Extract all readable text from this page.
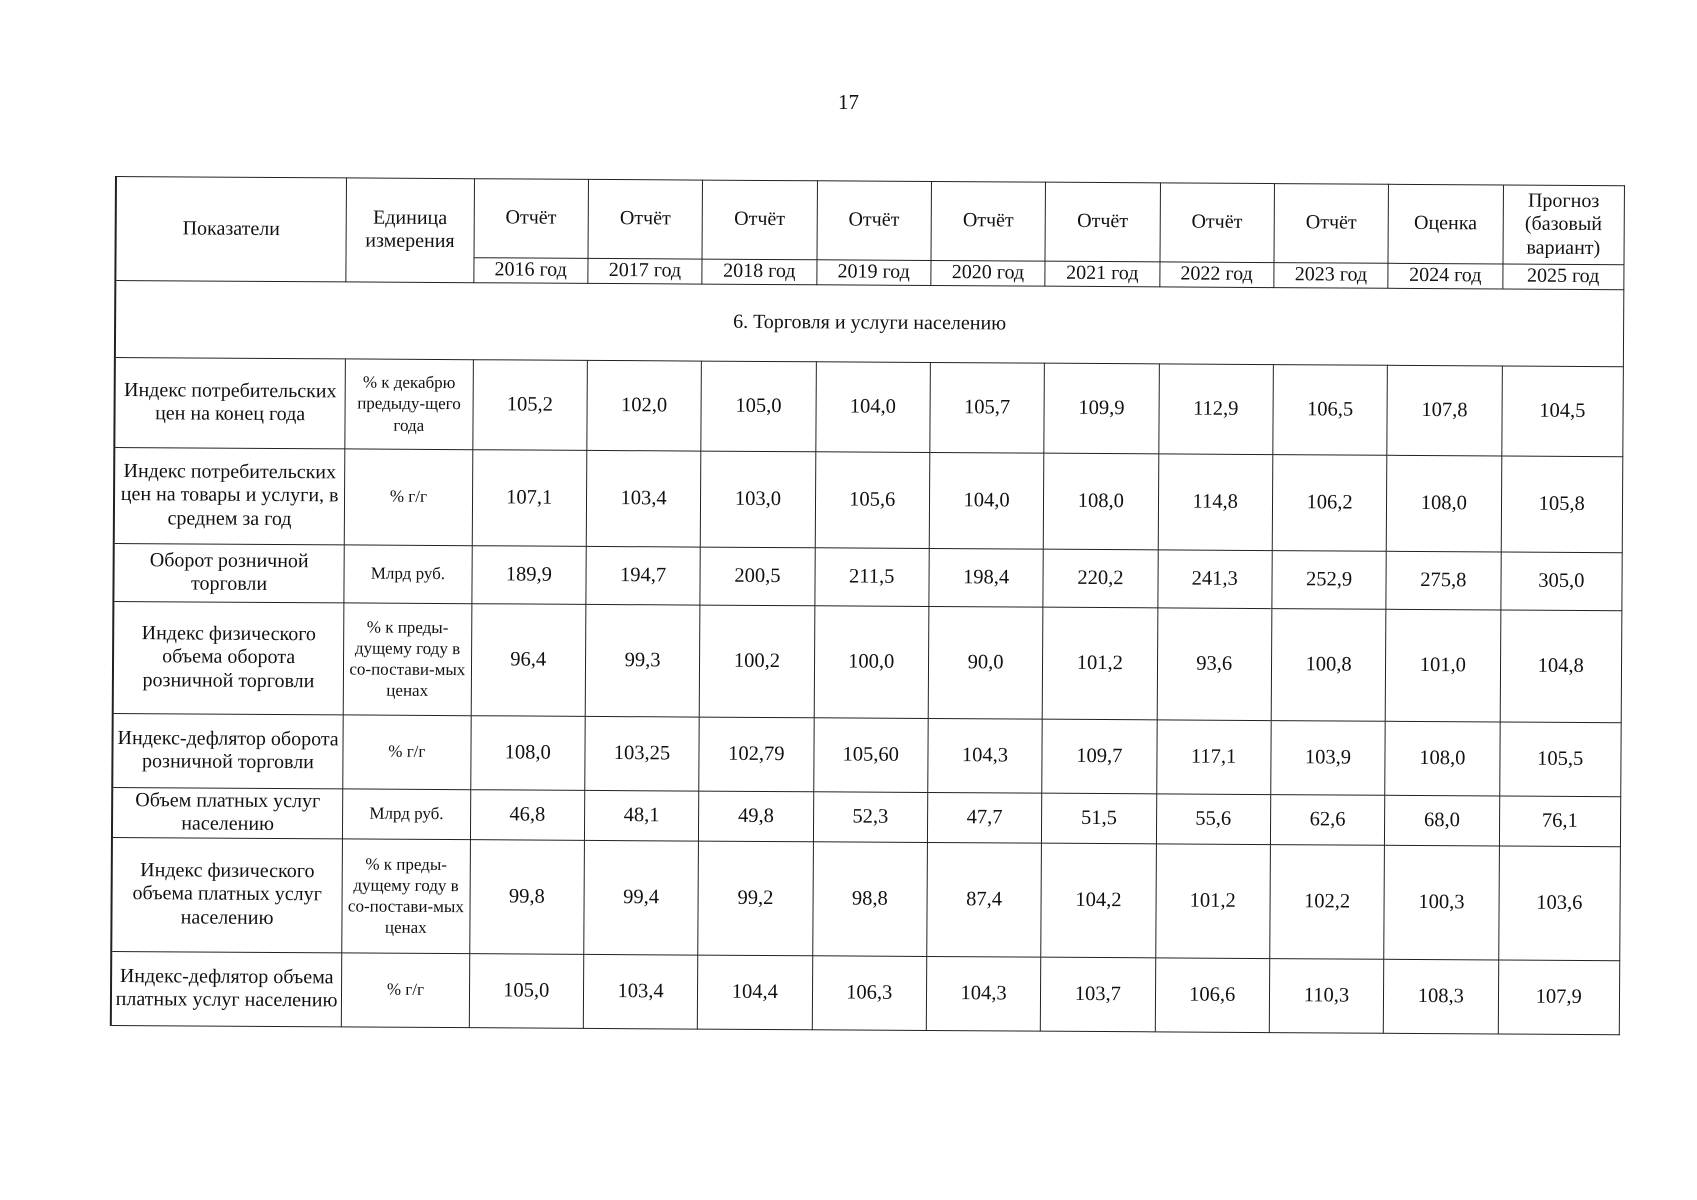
17
Показатели	Единица измерения	Отчёт	Отчёт	Отчёт	Отчёт	Отчёт	Отчёт	Отчёт	Отчёт	Оценка	Прогноз (базовый вариант)
		2016 год	2017 год	2018 год	2019 год	2020 год	2021 год	2022 год	2023 год	2024 год	2025 год
6. Торговля и услуги населению											
Индекс потребительских цен на конец года	% к декабрю предыду-щего года	105,2	102,0	105,0	104,0	105,7	109,9	112,9	106,5	107,8	104,5
Индекс потребительских цен на товары и услуги, в среднем за год	% г/г	107,1	103,4	103,0	105,6	104,0	108,0	114,8	106,2	108,0	105,8
Оборот розничной торговли	Млрд руб.	189,9	194,7	200,5	211,5	198,4	220,2	241,3	252,9	275,8	305,0
Индекс физического объема оборота розничной торговли	% к преды-дущему году в со-постави-мых ценах	96,4	99,3	100,2	100,0	90,0	101,2	93,6	100,8	101,0	104,8
Индекс-дефлятор оборота розничной торговли	% г/г	108,0	103,25	102,79	105,60	104,3	109,7	117,1	103,9	108,0	105,5
Объем платных услуг населению	Млрд руб.	46,8	48,1	49,8	52,3	47,7	51,5	55,6	62,6	68,0	76,1
Индекс физического объема платных услуг населению	% к преды-дущему году в со-постави-мых ценах	99,8	99,4	99,2	98,8	87,4	104,2	101,2	102,2	100,3	103,6
Индекс-дефлятор объема платных услуг населению	% г/г	105,0	103,4	104,4	106,3	104,3	103,7	106,6	110,3	108,3	107,9
